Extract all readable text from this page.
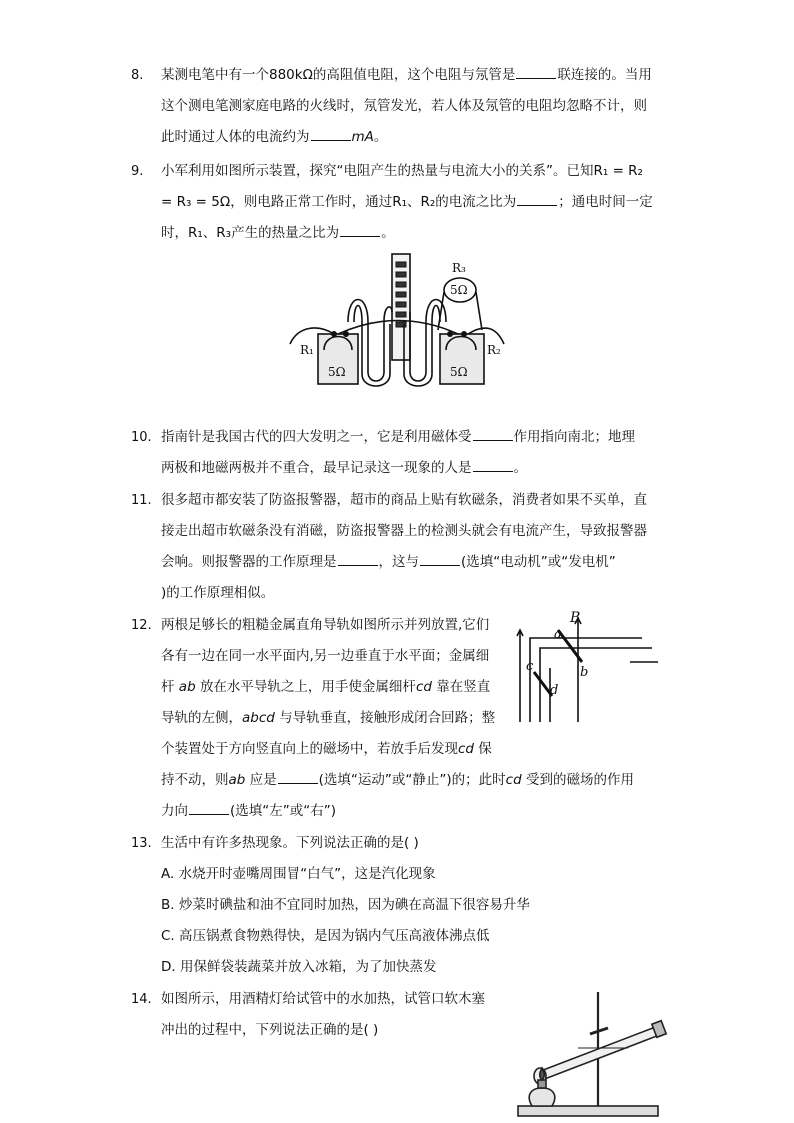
8.	某测电笔中有一个880kΩ的高阻值电阻，这个电阻与氖管是	联连接的。当用
这个测电笔测家庭电路的火线时，氖管发光，若人体及氖管的电阻均忽略不计，则
此时通过人体的电流约为	mA。
9.	小军利用如图所示装置，探究“电阻产生的热量与电流大小的关系”。已知R₁ = R₂
= R₃ = 5Ω，则电路正常工作时，通过R₁、R₂的电流之比为	；通电时间一定
时，R₁、R₃产生的热量之比为	。
R₁	R₂
R₃
5Ω
5Ω	5Ω
10. 指南针是我国古代的四大发明之一，它是利用磁体受	作用指向南北；地理
两极和地磁两极并不重合，最早记录这一现象的人是	。
11. 很多超市都安装了防盗报警器，超市的商品上贴有软磁条，消费者如果不买单，直
接走出超市软磁条没有消磁，防盗报警器上的检测头就会有电流产生，导致报警器
会响。则报警器的工作原理是	，这与	(选填“电动机”或“发电机”
)的工作原理相似。
12. 两根足够长的粗糙金属直角导轨如图所示并列放置,它们
各有一边在同一水平面内,另一边垂直于水平面；金属细
杆 ab 放在水平导轨之上，用手使金属细杆cd 靠在竖直
导轨的左侧，abcd 与导轨垂直，接触形成闭合回路；整
个装置处于方向竖直向上的磁场中，若放手后发现cd 保
持不动，则ab 应是	(选填“运动”或“静止”)的；此时cd 受到的磁场的作用
力向	(选填“左”或“右”)
B
a
b
c
d
13. 生活中有许多热现象。下列说法正确的是( )
A. 水烧开时壶嘴周围冒“白气”，这是汽化现象
B. 炒菜时碘盐和油不宜同时加热，因为碘在高温下很容易升华
C. 高压锅煮食物熟得快，是因为锅内气压高液体沸点低
D. 用保鲜袋装蔬菜并放入冰箱，为了加快蒸发
14. 如图所示，用酒精灯给试管中的水加热，试管口软木塞
冲出的过程中，下列说法正确的是( )
